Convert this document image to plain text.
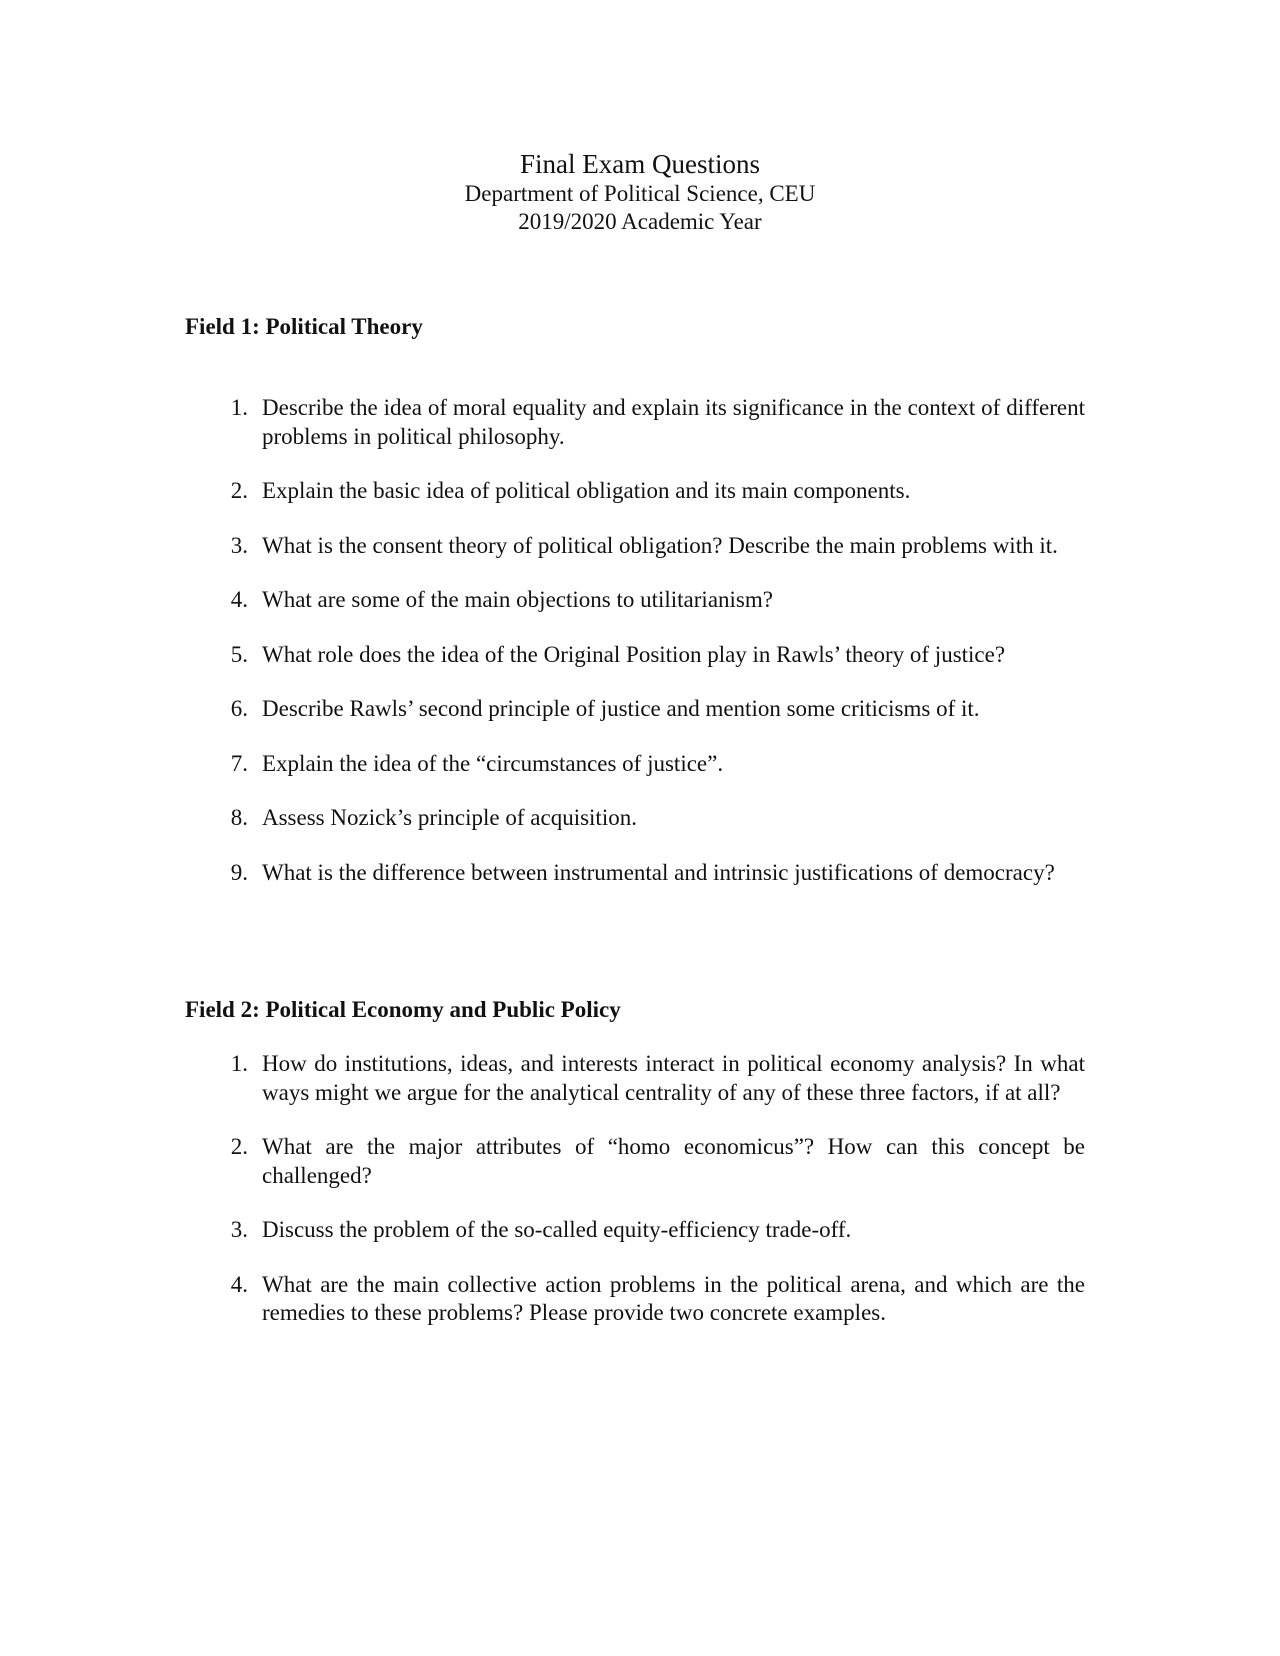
Final Exam Questions
Department of Political Science, CEU
2019/2020 Academic Year

Field 1: Political Theory

1. Describe the idea of moral equality and explain its significance in the context of different problems in political philosophy.
2. Explain the basic idea of political obligation and its main components.
3. What is the consent theory of political obligation? Describe the main problems with it.
4. What are some of the main objections to utilitarianism?
5. What role does the idea of the Original Position play in Rawls’ theory of justice?
6. Describe Rawls’ second principle of justice and mention some criticisms of it.
7. Explain the idea of the “circumstances of justice”.
8. Assess Nozick’s principle of acquisition.
9. What is the difference between instrumental and intrinsic justifications of democracy?

Field 2: Political Economy and Public Policy

1. How do institutions, ideas, and interests interact in political economy analysis? In what ways might we argue for the analytical centrality of any of these three factors, if at all?
2. What are the major attributes of “homo economicus”? How can this concept be challenged?
3. Discuss the problem of the so-called equity-efficiency trade-off.
4. What are the main collective action problems in the political arena, and which are the remedies to these problems? Please provide two concrete examples.
